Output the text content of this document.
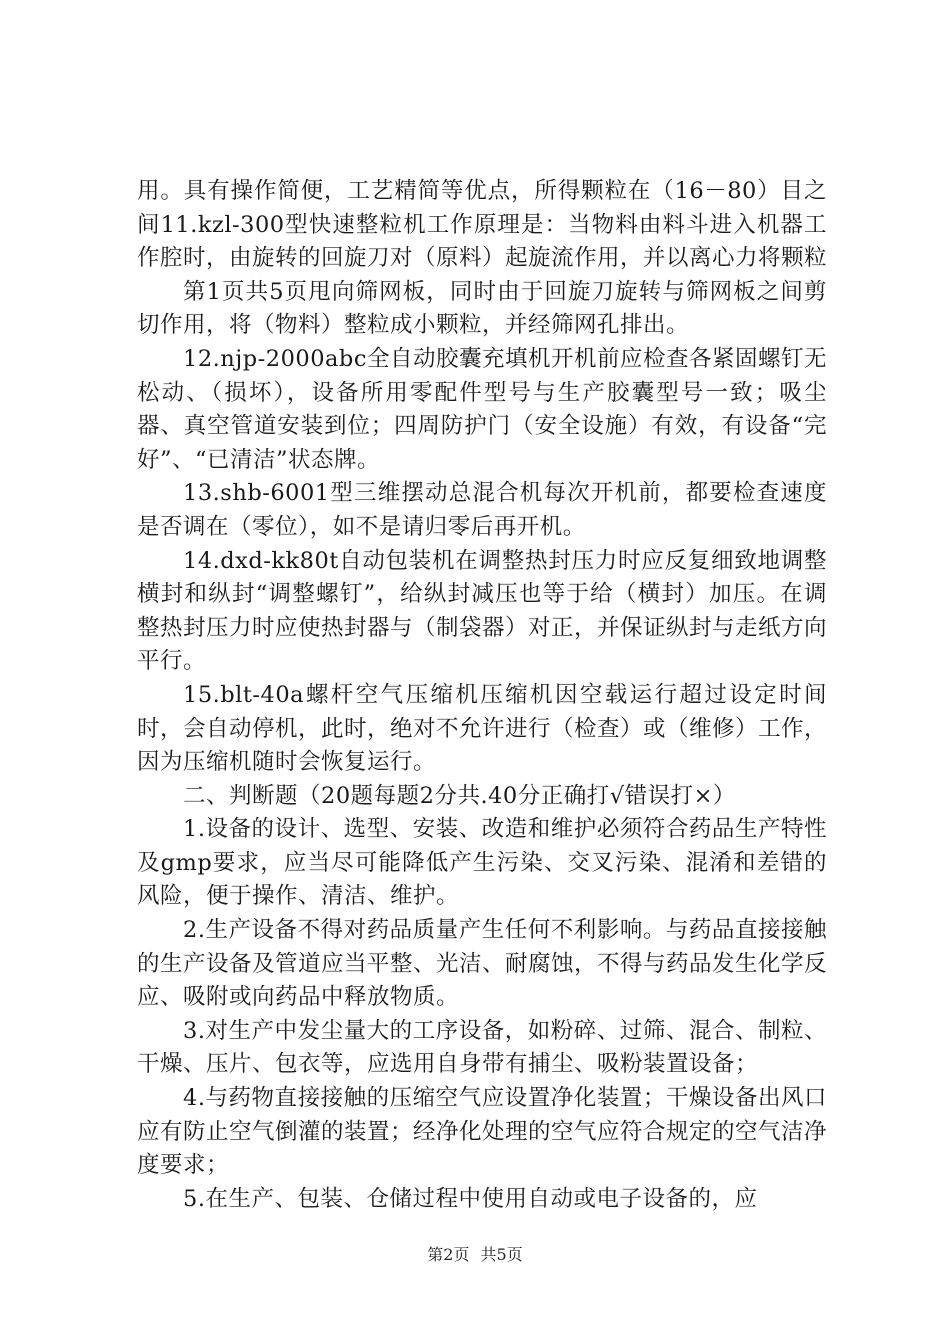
用。具有操作简便，工艺精简等优点，所得颗粒在（16－80）目之间11.kzl-300型快速整粒机工作原理是：当物料由料斗进入机器工作腔时，由旋转的回旋刀对（原料）起旋流作用，并以离心力将颗粒

第1页共5页甩向筛网板，同时由于回旋刀旋转与筛网板之间剪切作用，将（物料）整粒成小颗粒，并经筛网孔排出。

12.njp-2000abc全自动胶囊充填机开机前应检查各紧固螺钉无松动、（损坏），设备所用零配件型号与生产胶囊型号一致；吸尘器、真空管道安装到位；四周防护门（安全设施）有效，有设备“完好”、“已清洁”状态牌。

13.shb-6001型三维摆动总混合机每次开机前，都要检查速度是否调在（零位），如不是请归零后再开机。

14.dxd-kk80t自动包装机在调整热封压力时应反复细致地调整横封和纵封“调整螺钉”，给纵封减压也等于给（横封）加压。在调整热封压力时应使热封器与（制袋器）对正，并保证纵封与走纸方向平行。

15.blt-40a螺杆空气压缩机压缩机因空载运行超过设定时间时，会自动停机，此时，绝对不允许进行（检查）或（维修）工作，因为压缩机随时会恢复运行。

二、判断题（20题每题2分共.40分正确打√错误打×）

1.设备的设计、选型、安装、改造和维护必须符合药品生产特性及gmp要求，应当尽可能降低产生污染、交叉污染、混淆和差错的风险，便于操作、清洁、维护。

2.生产设备不得对药品质量产生任何不利影响。与药品直接接触的生产设备及管道应当平整、光洁、耐腐蚀，不得与药品发生化学反应、吸附或向药品中释放物质。

3.对生产中发尘量大的工序设备，如粉碎、过筛、混合、制粒、干燥、压片、包衣等，应选用自身带有捕尘、吸粉装置设备；

4.与药物直接接触的压缩空气应设置净化装置；干燥设备出风口应有防止空气倒灌的装置；经净化处理的空气应符合规定的空气洁净度要求；

5.在生产、包装、仓储过程中使用自动或电子设备的，应

第2页 共5页
